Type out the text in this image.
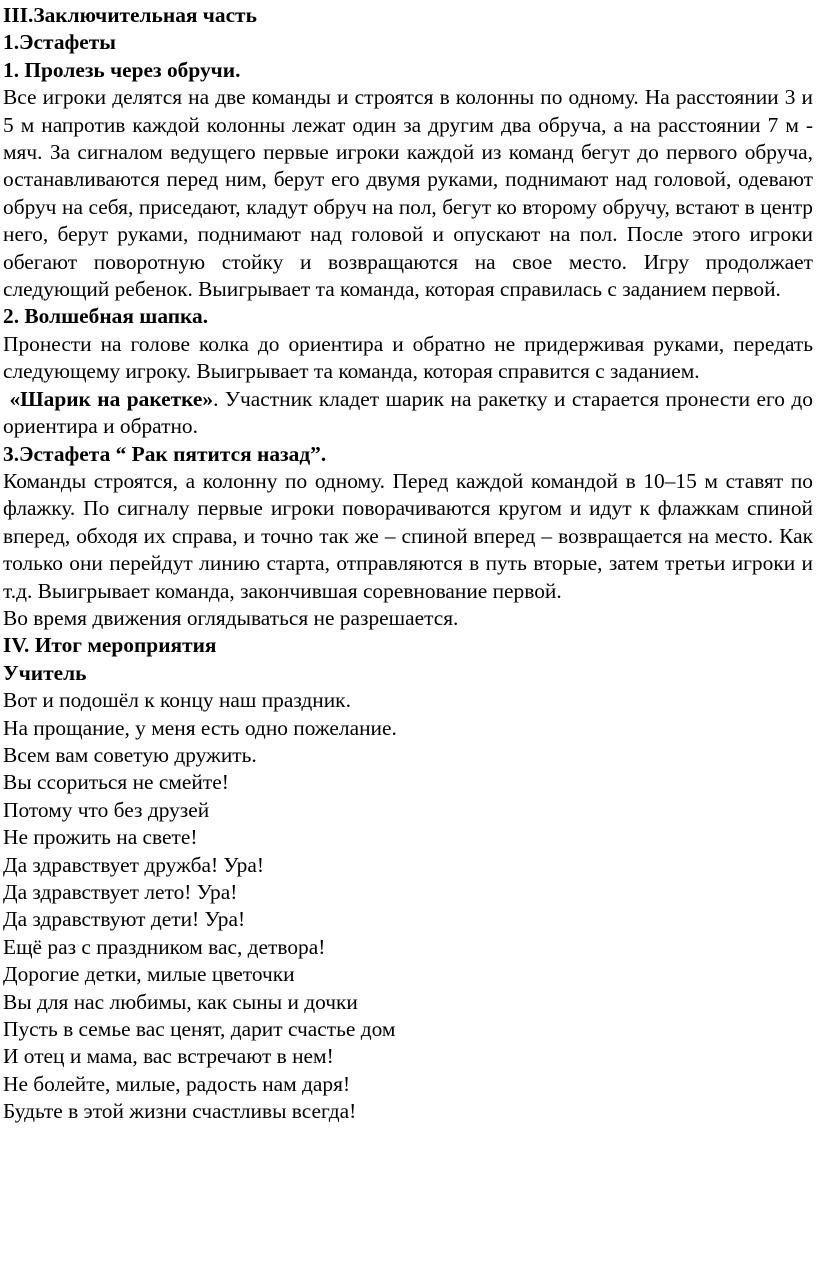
III.Заключительная часть

1.Эстафеты

1. Пролезь через обручи.

Все игроки делятся на две команды и строятся в колонны по одному. На расстоянии 3 и 5 м напротив каждой колонны лежат один за другим два обруча, а на расстоянии 7 м - мяч. За сигналом ведущего первые игроки каждой из команд бегут до первого обруча, останавливаются перед ним, берут его двумя руками, поднимают над головой, одевают обруч на себя, приседают, кладут обруч на пол, бегут ко второму обручу, встают в центр него, берут руками, поднимают над головой и опускают на пол. После этого игроки обегают поворотную стойку и возвращаются на свое место. Игру продолжает следующий ребенок. Выигрывает та команда, которая справилась с заданием первой.

2. Волшебная шапка.

Пронести на голове колка до ориентира и обратно не придерживая руками, передать следующему игроку. Выигрывает та команда, которая справится с заданием.

«Шарик на ракетке». Участник кладет шарик на ракетку и старается пронести его до ориентира и обратно.

3.Эстафета “ Рак пятится назад”.

Команды строятся, а колонну по одному. Перед каждой командой в 10–15 м ставят по флажку. По сигналу первые игроки поворачиваются кругом и идут к флажкам спиной вперед, обходя их справа, и точно так же – спиной вперед – возвращается на место. Как только они перейдут линию старта, отправляются в путь вторые, затем третьи игроки и т.д. Выигрывает команда, закончившая соревнование первой.

Во время движения оглядываться не разрешается.

IV. Итог мероприятия

Учитель

Вот и подошёл к концу наш праздник.

На прощание, у меня есть одно пожелание.

Всем вам советую дружить.

Вы ссориться не смейте!

Потому что без друзей

Не прожить на свете!

Да здравствует дружба! Ура!

Да здравствует лето! Ура!

Да здравствуют дети! Ура!

Ещё раз с праздником вас, детвора!

Дорогие детки, милые цветочки

Вы для нас любимы, как сыны и дочки

Пусть в семье вас ценят, дарит счастье дом

И отец и мама, вас встречают в нем!

Не болейте, милые, радость нам даря!

Будьте в этой жизни счастливы всегда!
